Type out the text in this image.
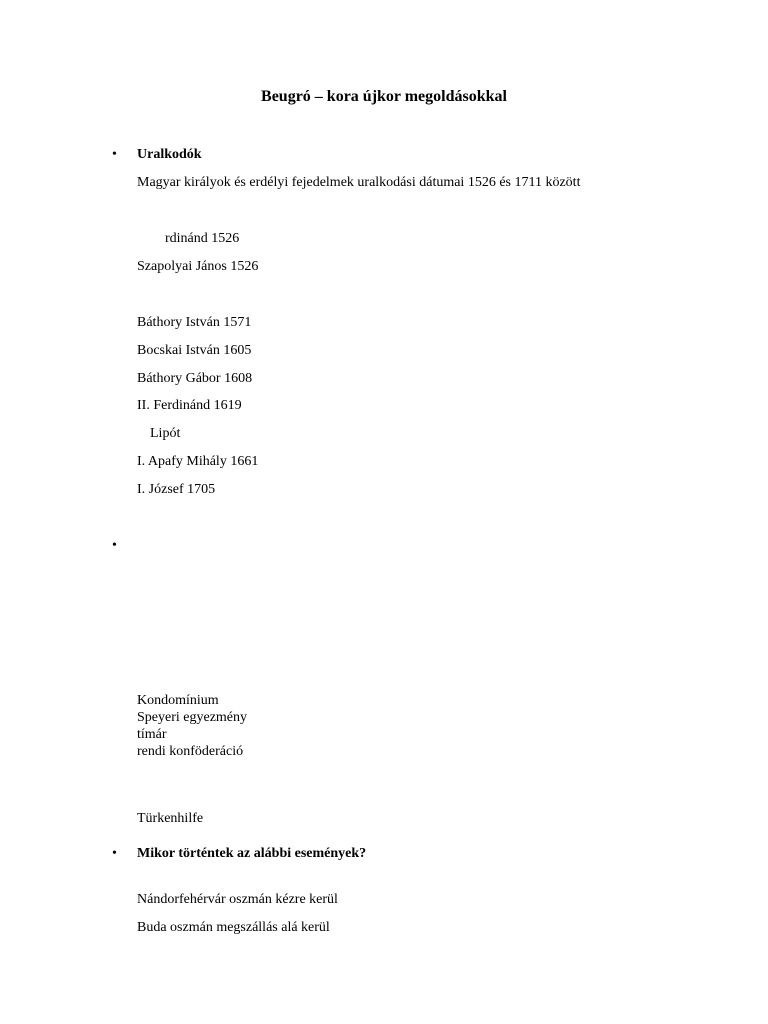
Beugró – kora újkor megoldásokkal
• Uralkodók
Magyar királyok és erdélyi fejedelmek uralkodási dátumai 1526 és 1711 között
rdinánd 1526
Szapolyai János 1526
Báthory István 1571
Bocskai István 1605
Báthory Gábor 1608
II. Ferdinánd 1619
Lipót
I. Apafy Mihály 1661
I. József 1705
•
Kondomínium
Speyeri egyezmény
tímár
rendi konföderáció
Türkenhilfe
• Mikor történtek az alábbi események?
Nándorfehérvár oszmán kézre kerül
Buda oszmán megszállás alá kerül
